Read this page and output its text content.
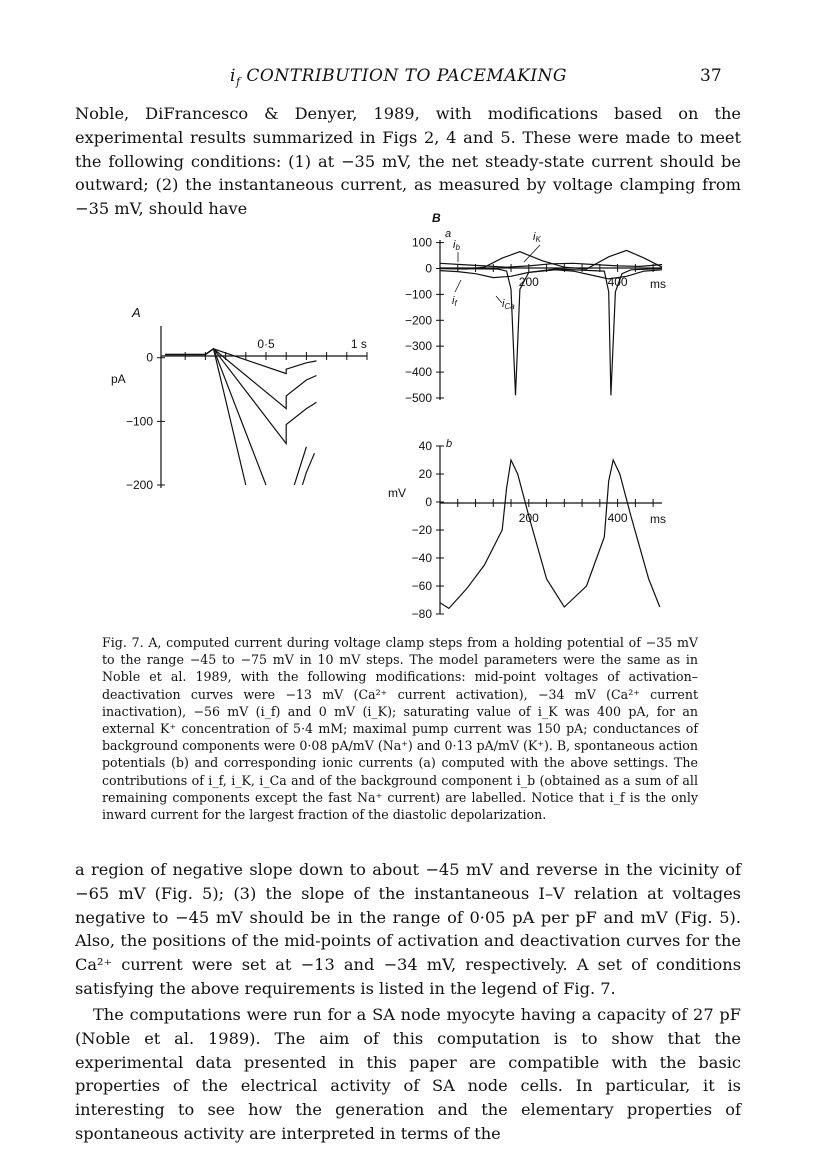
$i_f$ CONTRIBUTION TO PACEMAKING	37

Noble, DiFrancesco & Denyer, 1989, with modifications based on the experimental results summarized in Figs 2, 4 and 5. These were made to meet the following conditions: (1) at −35 mV, the net steady-state current should be outward; (2) the instantaneous current, as measured by voltage clamping from −35 mV, should have

A
0·5	1 s
0
−100
−200
pA
B
200	400
100
0
−100
−200
−300
−400
−500
ms
a
ib
iK
if	iCa
b
200	400
40
20
0
−20
−40
−60
−80
ms
mV

Fig. 7. A, computed current during voltage clamp steps from a holding potential of −35 mV to the range −45 to −75 mV in 10 mV steps. The model parameters were the same as in Noble et al. 1989, with the following modifications: mid-point voltages of activation–deactivation curves were −13 mV (Ca²⁺ current activation), −34 mV (Ca²⁺ current inactivation), −56 mV (i_f) and 0 mV (i_K); saturating value of i_K was 400 pA, for an external K⁺ concentration of 5·4 mM; maximal pump current was 150 pA; conductances of background components were 0·08 pA/mV (Na⁺) and 0·13 pA/mV (K⁺). B, spontaneous action potentials (b) and corresponding ionic currents (a) computed with the above settings. The contributions of i_f, i_K, i_Ca and of the background component i_b (obtained as a sum of all remaining components except the fast Na⁺ current) are labelled. Notice that i_f is the only inward current for the largest fraction of the diastolic depolarization.

a region of negative slope down to about −45 mV and reverse in the vicinity of −65 mV (Fig. 5); (3) the slope of the instantaneous I–V relation at voltages negative to −45 mV should be in the range of 0·05 pA per pF and mV (Fig. 5). Also, the positions of the mid-points of activation and deactivation curves for the Ca²⁺ current were set at −13 and −34 mV, respectively. A set of conditions satisfying the above requirements is listed in the legend of Fig. 7.

The computations were run for a SA node myocyte having a capacity of 27 pF (Noble et al. 1989). The aim of this computation is to show that the experimental data presented in this paper are compatible with the basic properties of the electrical activity of SA node cells. In particular, it is interesting to see how the generation and the elementary properties of spontaneous activity are interpreted in terms of the
